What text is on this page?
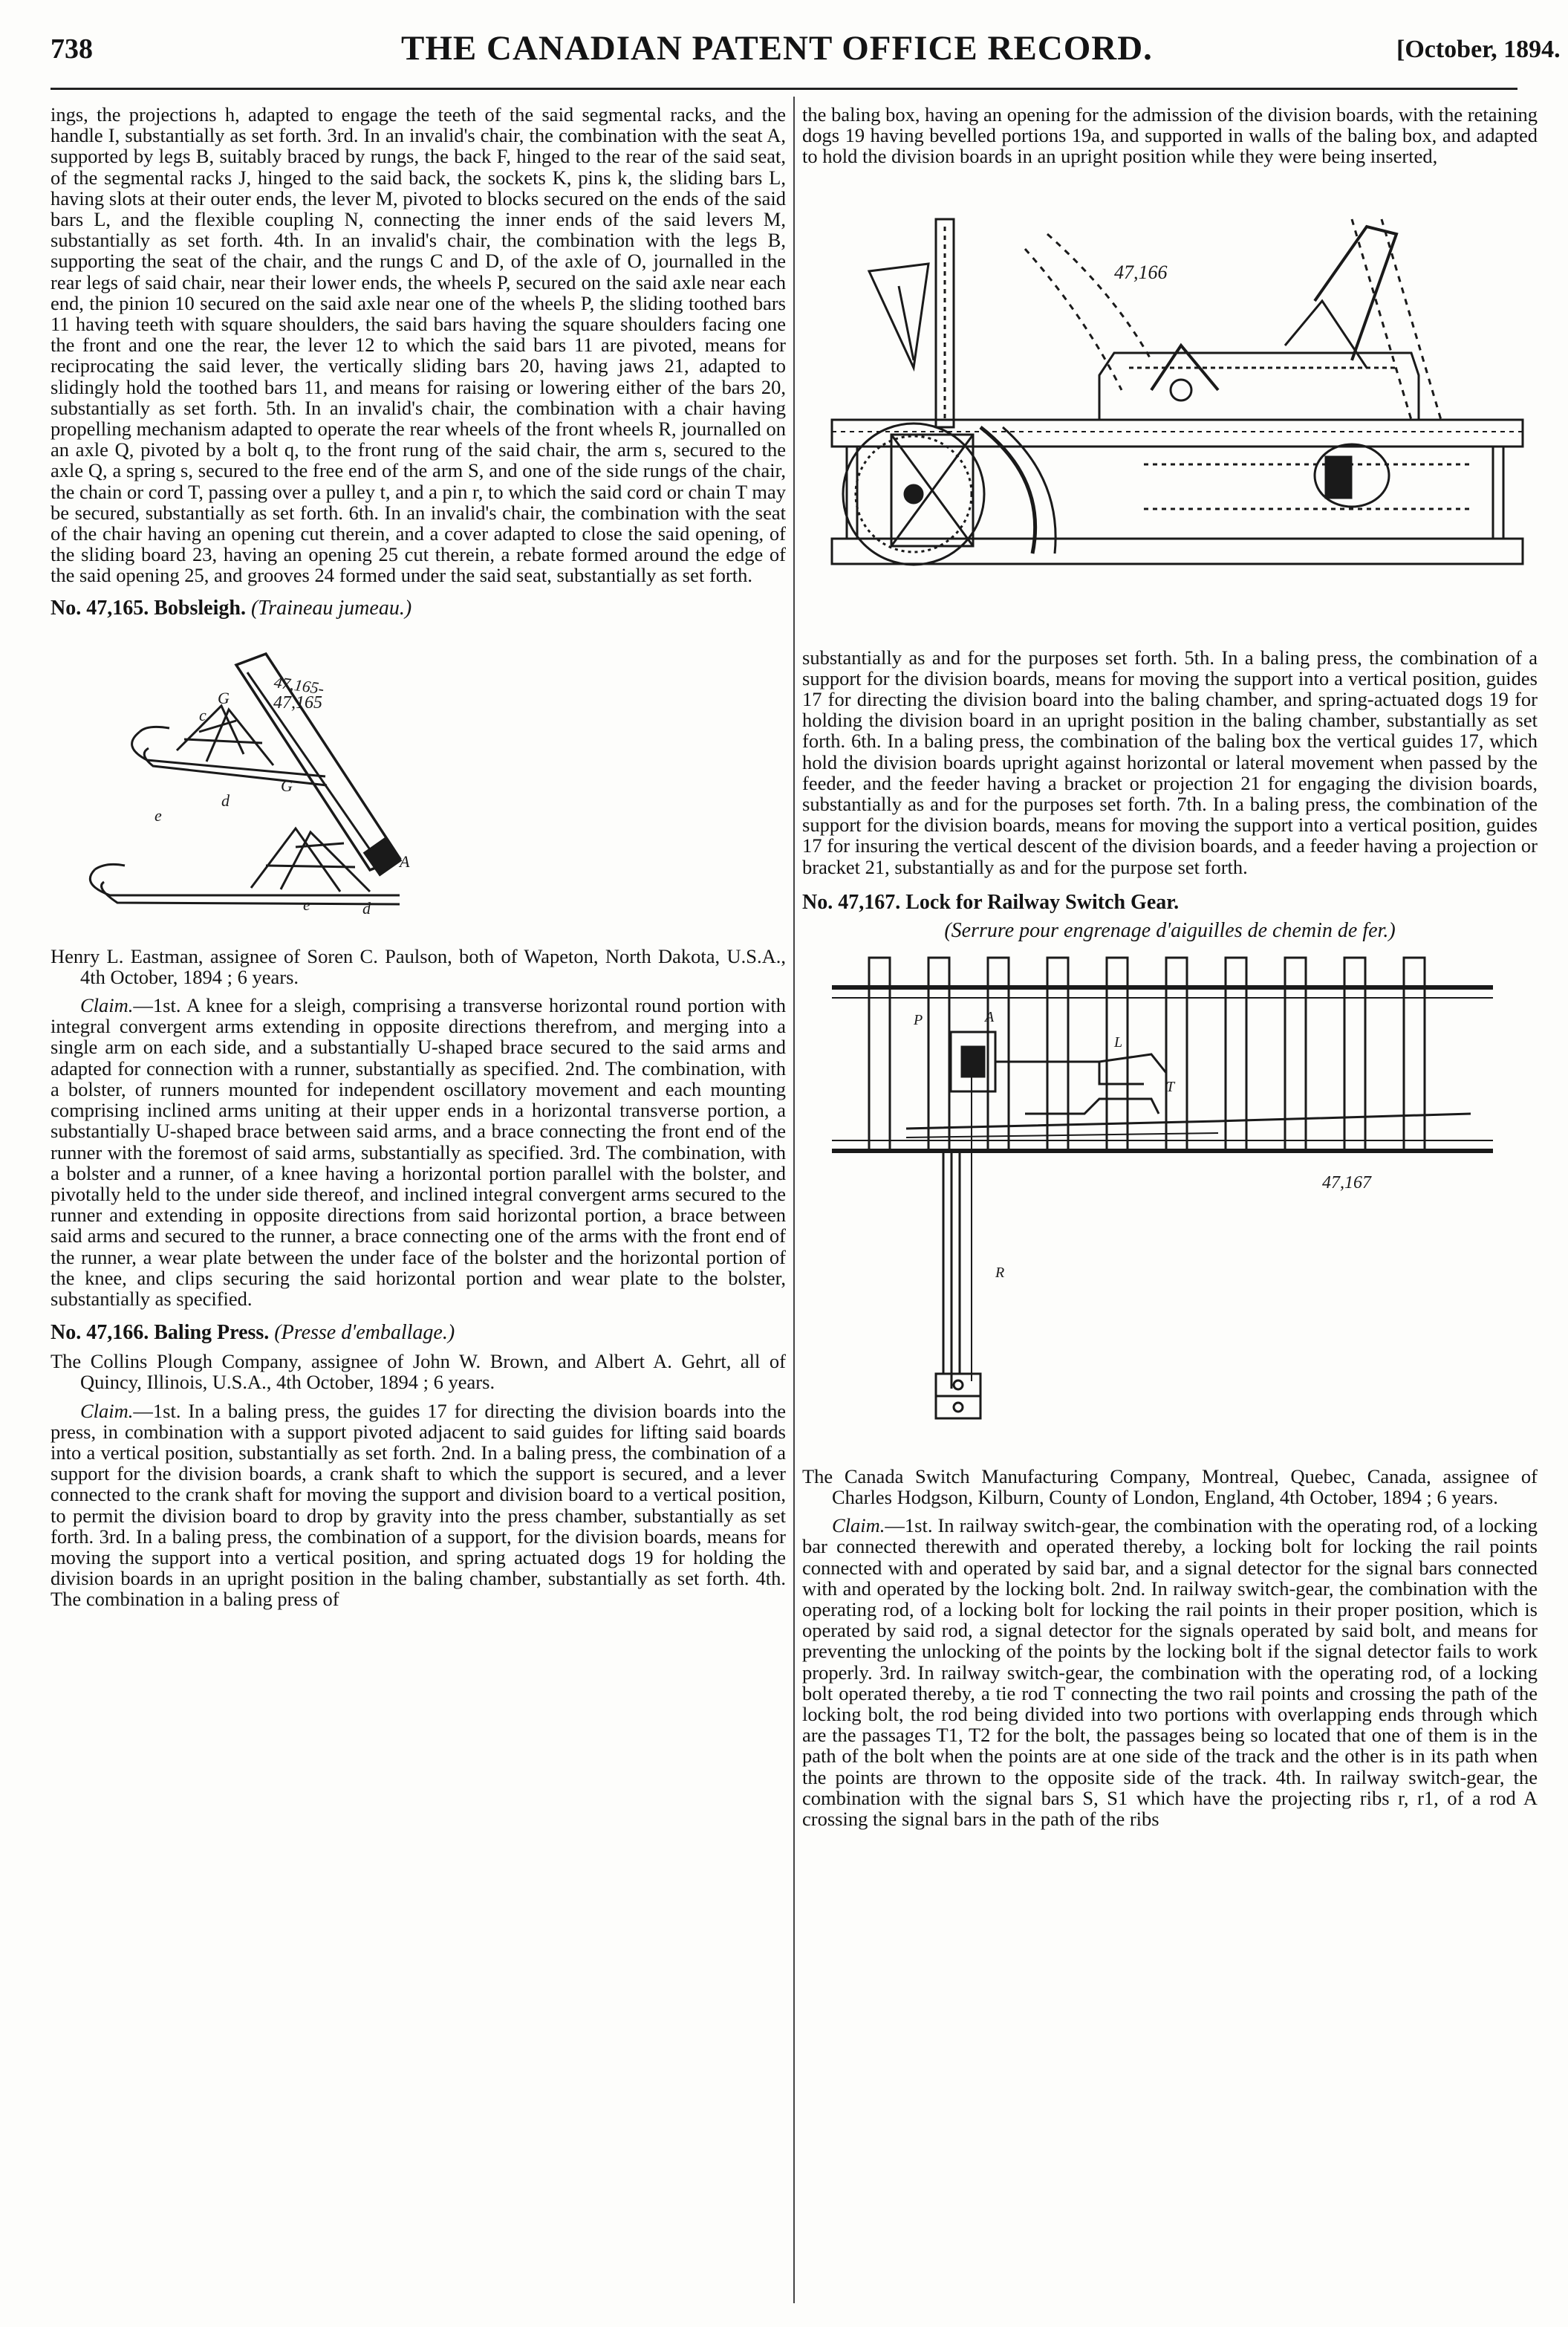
738	THE CANADIAN PATENT OFFICE RECORD.	[October, 1894.

ings, the projections h, adapted to engage the teeth of the said segmental racks, and the handle I, substantially as set forth. 3rd. In an invalid's chair, the combination with the seat A, supported by legs B, suitably braced by rungs, the back F, hinged to the rear of the said seat, of the segmental racks J, hinged to the said back, the sockets K, pins k, the sliding bars L, having slots at their outer ends, the lever M, pivoted to blocks secured on the ends of the said bars L, and the flexible coupling N, connecting the inner ends of the said levers M, substantially as set forth. 4th. In an invalid's chair, the combination with the legs B, supporting the seat of the chair, and the rungs C and D, of the axle of O, journalled in the rear legs of said chair, near their lower ends, the wheels P, secured on the said axle near each end, the pinion 10 secured on the said axle near one of the wheels P, the sliding toothed bars 11 having teeth with square shoulders, the said bars having the square shoulders facing one the front and one the rear, the lever 12 to which the said bars 11 are pivoted, means for reciprocating the said lever, the vertically sliding bars 20, having jaws 21, adapted to slidingly hold the toothed bars 11, and means for raising or lowering either of the bars 20, substantially as set forth. 5th. In an invalid's chair, the combination with a chair having propelling mechanism adapted to operate the rear wheels of the front wheels R, journalled on an axle Q, pivoted by a bolt q, to the front rung of the said chair, the arm s, secured to the axle Q, a spring s, secured to the free end of the arm S, and one of the side rungs of the chair, the chain or cord T, passing over a pulley t, and a pin r, to which the said cord or chain T may be secured, substantially as set forth. 6th. In an invalid's chair, the combination with the seat of the chair having an opening cut therein, and a cover adapted to close the said opening, of the sliding board 23, having an opening 25 cut therein, a rebate formed around the edge of the said opening 25, and grooves 24 formed under the said seat, substantially as set forth.

No. 47,165. Bobsleigh. (Traineau jumeau.)

47,165-
G
c
G
A
d
e
d
e
47,165

Henry L. Eastman, assignee of Soren C. Paulson, both of Wapeton, North Dakota, U.S.A., 4th October, 1894 ; 6 years.

Claim.—1st. A knee for a sleigh, comprising a transverse horizontal round portion with integral convergent arms extending in opposite directions therefrom, and merging into a single arm on each side, and a substantially U-shaped brace secured to the said arms and adapted for connection with a runner, substantially as specified. 2nd. The combination, with a bolster, of runners mounted for independent oscillatory movement and each mounting comprising inclined arms uniting at their upper ends in a horizontal transverse portion, a substantially U-shaped brace between said arms, and a brace connecting the front end of the runner with the foremost of said arms, substantially as specified. 3rd. The combination, with a bolster and a runner, of a knee having a horizontal portion parallel with the bolster, and pivotally held to the under side thereof, and inclined integral convergent arms secured to the runner and extending in opposite directions from said horizontal portion, a brace between said arms and secured to the runner, a brace connecting one of the arms with the front end of the runner, a wear plate between the under face of the bolster and the horizontal portion of the knee, and clips securing the said horizontal portion and wear plate to the bolster, substantially as specified.

No. 47,166. Baling Press. (Presse d'emballage.)

The Collins Plough Company, assignee of John W. Brown, and Albert A. Gehrt, all of Quincy, Illinois, U.S.A., 4th October, 1894 ; 6 years.

Claim.—1st. In a baling press, the guides 17 for directing the division boards into the press, in combination with a support pivoted adjacent to said guides for lifting said boards into a vertical position, substantially as set forth. 2nd. In a baling press, the combination of a support for the division boards, a crank shaft to which the support is secured, and a lever connected to the crank shaft for moving the support and division board to a vertical position, to permit the division board to drop by gravity into the press chamber, substantially as set forth. 3rd. In a baling press, the combination of a support, for the division boards, means for moving the support into a vertical position, and spring actuated dogs 19 for holding the division boards in an upright position in the baling chamber, substantially as set forth. 4th. The combination in a baling press of

the baling box, having an opening for the admission of the division boards, with the retaining dogs 19 having bevelled portions 19a, and supported in walls of the baling box, and adapted to hold the division boards in an upright position while they were being inserted,

47,166

substantially as and for the purposes set forth. 5th. In a baling press, the combination of a support for the division boards, means for moving the support into a vertical position, guides 17 for directing the division board into the baling chamber, and spring-actuated dogs 19 for holding the division board in an upright position in the baling chamber, substantially as set forth. 6th. In a baling press, the combination of the baling box the vertical guides 17, which hold the division boards upright against horizontal or lateral movement when passed by the feeder, and the feeder having a bracket or projection 21 for engaging the division boards, substantially as and for the purposes set forth. 7th. In a baling press, the combination of the support for the division boards, means for moving the support into a vertical position, guides 17 for insuring the vertical descent of the division boards, and a feeder having a projection or bracket 21, substantially as and for the purpose set forth.

No. 47,167. Lock for Railway Switch Gear.

(Serrure pour engrenage d'aiguilles de chemin de fer.)

P	A
L
T
R
47,167

The Canada Switch Manufacturing Company, Montreal, Quebec, Canada, assignee of Charles Hodgson, Kilburn, County of London, England, 4th October, 1894 ; 6 years.

Claim.—1st. In railway switch-gear, the combination with the operating rod, of a locking bar connected therewith and operated thereby, a locking bolt for locking the rail points connected with and operated by said bar, and a signal detector for the signal bars connected with and operated by the locking bolt. 2nd. In railway switch-gear, the combination with the operating rod, of a locking bolt for locking the rail points in their proper position, which is operated by said rod, a signal detector for the signals operated by said bolt, and means for preventing the unlocking of the points by the locking bolt if the signal detector fails to work properly. 3rd. In railway switch-gear, the combination with the operating rod, of a locking bolt operated thereby, a tie rod T connecting the two rail points and crossing the path of the locking bolt, the rod being divided into two portions with overlapping ends through which are the passages T1, T2 for the bolt, the passages being so located that one of them is in the path of the bolt when the points are at one side of the track and the other is in its path when the points are thrown to the opposite side of the track. 4th. In railway switch-gear, the combination with the signal bars S, S1 which have the projecting ribs r, r1, of a rod A crossing the signal bars in the path of the ribs
